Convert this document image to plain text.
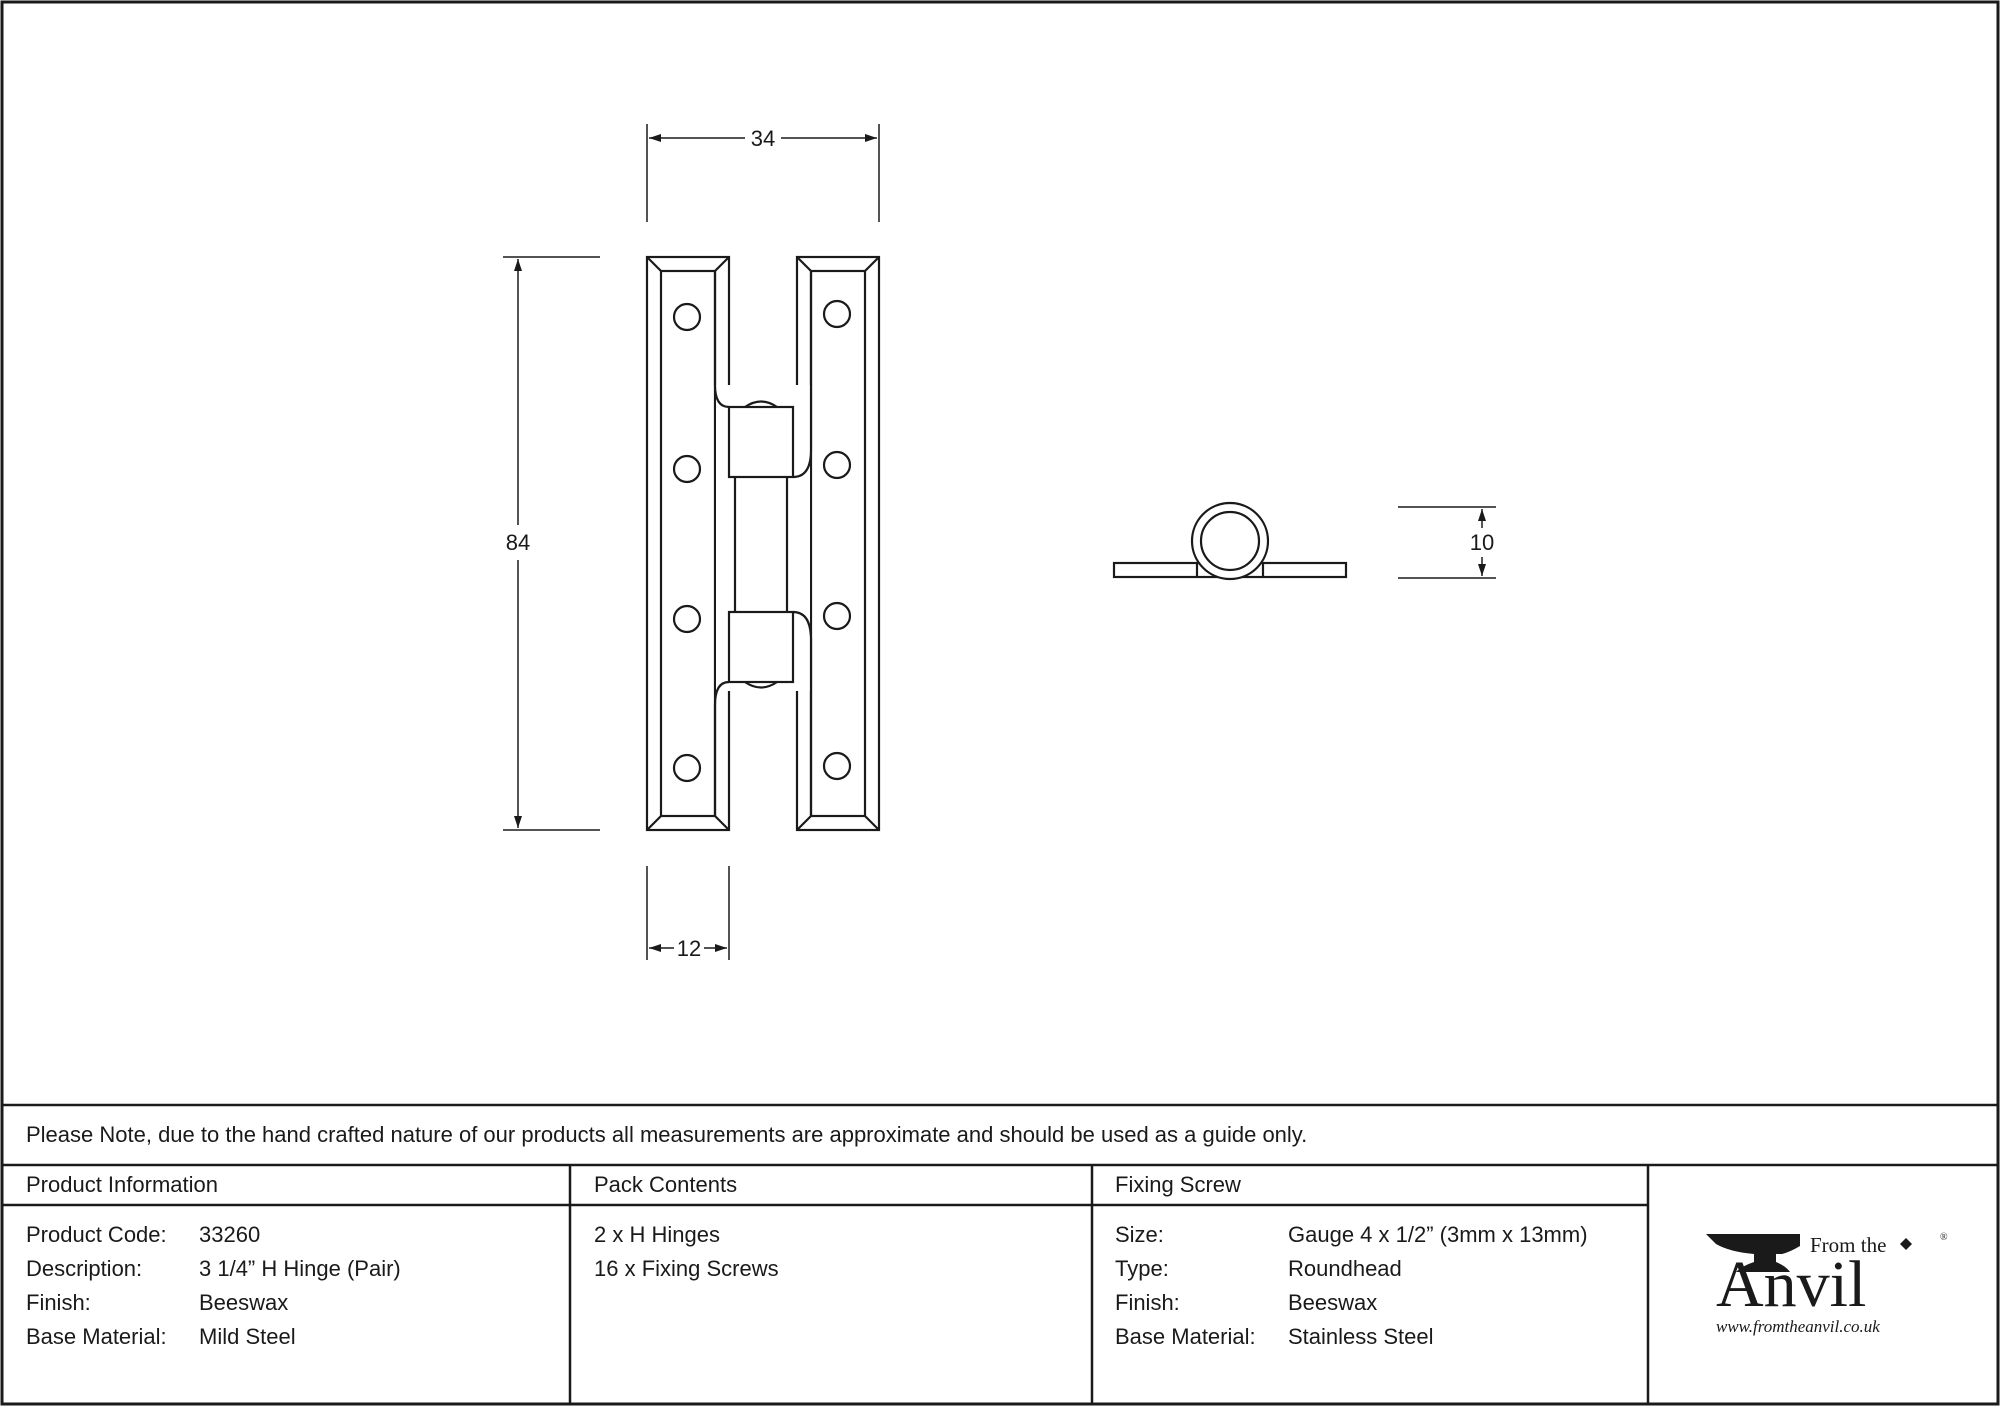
34
84
12
10
From the	®
Anvil
www.fromtheanvil.co.uk
Please Note, due to the hand crafted nature of our products all measurements are approximate and should be used as a guide only.
Product Information
Product Code: 33260
Description:	3 1/4” H Hinge (Pair)
Finish:	Beeswax
Base Material: Mild Steel
Pack Contents
2 x H Hinges
16 x Fixing Screws
Fixing Screw
Size:	Gauge 4 x 1/2” (3mm x 13mm)
Type:	Roundhead
Finish:	Beeswax
Base Material: Stainless Steel
